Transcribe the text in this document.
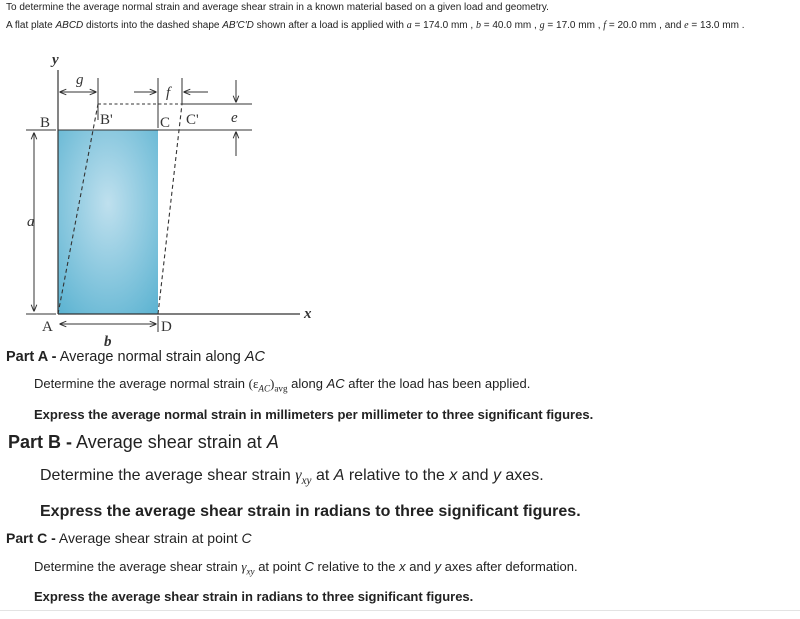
To determine the average normal strain and average shear strain in a known material based on a given load and geometry.
A flat plate ABCD distorts into the dashed shape AB'C'D shown after a load is applied with a = 174.0 mm , b = 40.0 mm , g = 17.0 mm , f = 20.0 mm , and e = 13.0 mm .
y
x
B	B'	C C'
A	D
g
f
e
a
b
Part A - Average normal strain along AC
Determine the average normal strain $(\varepsilon_{AC})_{avg}$ along AC after the load has been applied.
Express the average normal strain in millimeters per millimeter to three significant figures.
Part B - Average shear strain at A
Determine the average shear strain $\gamma_{xy}$ at A relative to the x and y axes.
Express the average shear strain in radians to three significant figures.
Part C - Average shear strain at point C
Determine the average shear strain $\gamma_{xy}$ at point C relative to the x and y axes after deformation.
Express the average shear strain in radians to three significant figures.
